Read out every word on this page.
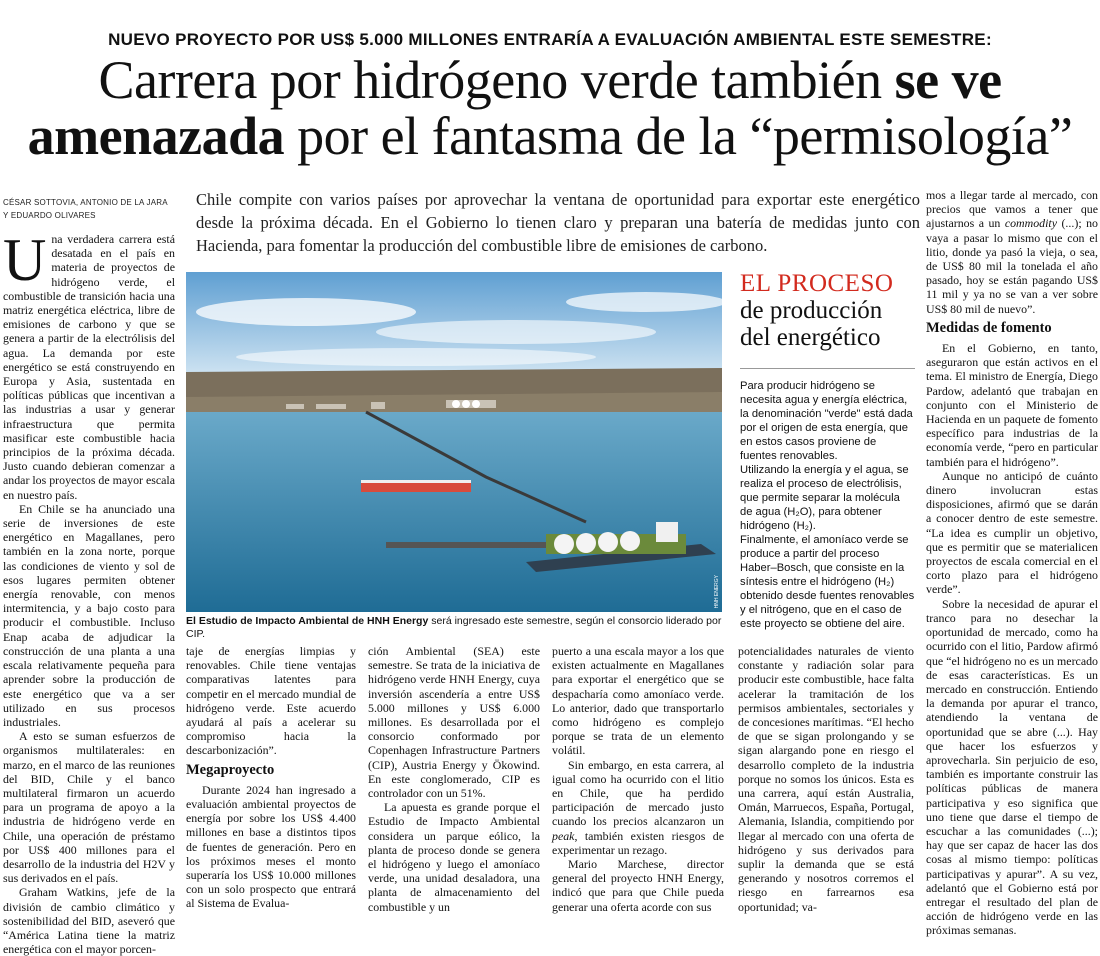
NUEVO PROYECTO POR US$ 5.000 MILLONES ENTRARÍA A EVALUACIÓN AMBIENTAL ESTE SEMESTRE:
Carrera por hidrógeno verde también se ve
amenazada por el fantasma de la “permisología”
CÉSAR SOTTOVIA, ANTONIO DE LA JARA
Y EDUARDO OLIVARES
Chile compite con varios países por aprovechar la ventana de oportunidad para exportar este energético desde la próxima década. En el Gobierno lo tienen claro y preparan una batería de medidas junto con Hacienda, para fomentar la producción del combustible libre de emisiones de carbono.

Una verdadera carrera está desatada en el país en materia de proyectos de hidrógeno verde, el combustible de transición hacia una matriz energética eléctrica, libre de emisiones de carbono y que se genera a partir de la electrólisis del agua. La demanda por este energético se está construyendo en Europa y Asia, sustentada en políticas públicas que incentivan a las industrias a usar y generar infraestructura que permita masificar este combustible hacia principios de la próxima década. Justo cuando debieran comenzar a andar los proyectos de mayor escala en nuestro país.

En Chile se ha anunciado una serie de inversiones de este energético en Magallanes, pero también en la zona norte, porque las condiciones de viento y sol de esos lugares permiten obtener energía renovable, con menos intermitencia, y a bajo costo para producir el combustible. Incluso Enap acaba de adjudicar la construcción de una planta a una escala relativamente pequeña para aprender sobre la producción de este energético que va a ser utilizado en sus procesos industriales.

A esto se suman esfuerzos de organismos multilaterales: en marzo, en el marco de las reuniones del BID, Chile y el banco multilateral firmaron un acuerdo para un programa de apoyo a la industria de hidrógeno verde en Chile, una operación de préstamo por US$ 400 millones para el desarrollo de la industria del H2V y sus derivados en el país.

Graham Watkins, jefe de la división de cambio climático y sostenibilidad del BID, aseveró que “América Latina tiene la matriz energética con el mayor porcen-

taje de energías limpias y renovables. Chile tiene ventajas comparativas latentes para competir en el mercado mundial de hidrógeno verde. Este acuerdo ayudará al país a acelerar su compromiso hacia la descarbonización”.

Megaproyecto

Durante 2024 han ingresado a evaluación ambiental proyectos de energía por sobre los US$ 4.400 millones en base a distintos tipos de fuentes de generación. Pero en los próximos meses el monto superaría los US$ 10.000 millones con un solo prospecto que entrará al Sistema de Evalua-

ción Ambiental (SEA) este semestre. Se trata de la iniciativa de hidrógeno verde HNH Energy, cuya inversión ascendería a entre US$ 5.000 millones y US$ 6.000 millones. Es desarrollada por el consorcio conformado por Copenhagen Infrastructure Partners (CIP), Austria Energy y Ökowind. En este conglomerado, CIP es controlador con un 51%.

La apuesta es grande porque el Estudio de Impacto Ambiental considera un parque eólico, la planta de proceso donde se genera el hidrógeno y luego el amoníaco verde, una unidad desaladora, una planta de almacenamiento del combustible y un

puerto a una escala mayor a los que existen actualmente en Magallanes para exportar el energético que se despacharía como amoníaco verde. Lo anterior, dado que transportarlo como hidrógeno es complejo porque se trata de un elemento volátil.

Sin embargo, en esta carrera, al igual como ha ocurrido con el litio en Chile, que ha perdido participación de mercado justo cuando los precios alcanzaron un peak, también existen riesgos de experimentar un rezago.

Mario Marchese, director general del proyecto HNH Energy, indicó que para que Chile pueda generar una oferta acorde con sus

potencialidades naturales de viento constante y radiación solar para producir este combustible, hace falta acelerar la tramitación de los permisos ambientales, sectoriales y de concesiones marítimas. “El hecho de que se sigan prolongando y se sigan alargando pone en riesgo el desarrollo completo de la industria porque no somos los únicos. Esta es una carrera, aquí están Australia, Omán, Marruecos, España, Portugal, Alemania, Islandia, compitiendo por llegar al mercado con una oferta de hidrógeno y sus derivados para suplir la demanda que se está generando y nosotros corremos el riesgo en farrearnos esa oportunidad; va-

mos a llegar tarde al mercado, con precios que vamos a tener que ajustarnos a un commodity (...); no vaya a pasar lo mismo que con el litio, donde ya pasó la vieja, o sea, de US$ 80 mil la tonelada el año pasado, hoy se están pagando US$ 11 mil y ya no se van a ver sobre US$ 80 mil de nuevo”.

Medidas de fomento

En el Gobierno, en tanto, aseguraron que están activos en el tema. El ministro de Energía, Diego Pardow, adelantó que trabajan en conjunto con el Ministerio de Hacienda en un paquete de fomento específico para industrias de la economía verde, “pero en particular también para el hidrógeno”.

Aunque no anticipó de cuánto dinero involucran estas disposiciones, afirmó que se darán a conocer dentro de este semestre. “La idea es cumplir un objetivo, que es permitir que se materialicen proyectos de escala comercial en el corto plazo para el hidrógeno verde”.

Sobre la necesidad de apurar el tranco para no desechar la oportunidad de mercado, como ha ocurrido con el litio, Pardow afirmó que “el hidrógeno no es un mercado de esas características. Es un mercado en construcción. Entiendo la demanda por apurar el tranco, atendiendo la ventana de oportunidad que se abre (...). Hay que hacer los esfuerzos y aprovecharla. Sin perjuicio de eso, también es importante construir las políticas públicas de manera participativa y eso significa que uno tiene que darse el tiempo de escuchar a las comunidades (...); hay que ser capaz de hacer las dos cosas al mismo tiempo: políticas participativas y apurar”. A su vez, adelantó que el Gobierno está por entregar el resultado del plan de acción de hidrógeno verde en las próximas semanas.

HNH ENERGY
El Estudio de Impacto Ambiental de HNH Energy será ingresado este semestre, según el consorcio liderado por CIP.
EL PROCESO
de producción
del energético
Para producir hidrógeno se necesita agua y energía eléctrica, la denominación "verde" está dada por el origen de esta energía, que en estos casos proviene de fuentes renovables.
Utilizando la energía y el agua, se realiza el proceso de electrólisis, que permite separar la molécula de agua (H₂O), para obtener hidrógeno (H₂).
Finalmente, el amoníaco verde se produce a partir del proceso Haber–Bosch, que consiste en la síntesis entre el hidrógeno (H₂) obtenido desde fuentes renovables y el nitrógeno, que en el caso de este proyecto se obtiene del aire.
